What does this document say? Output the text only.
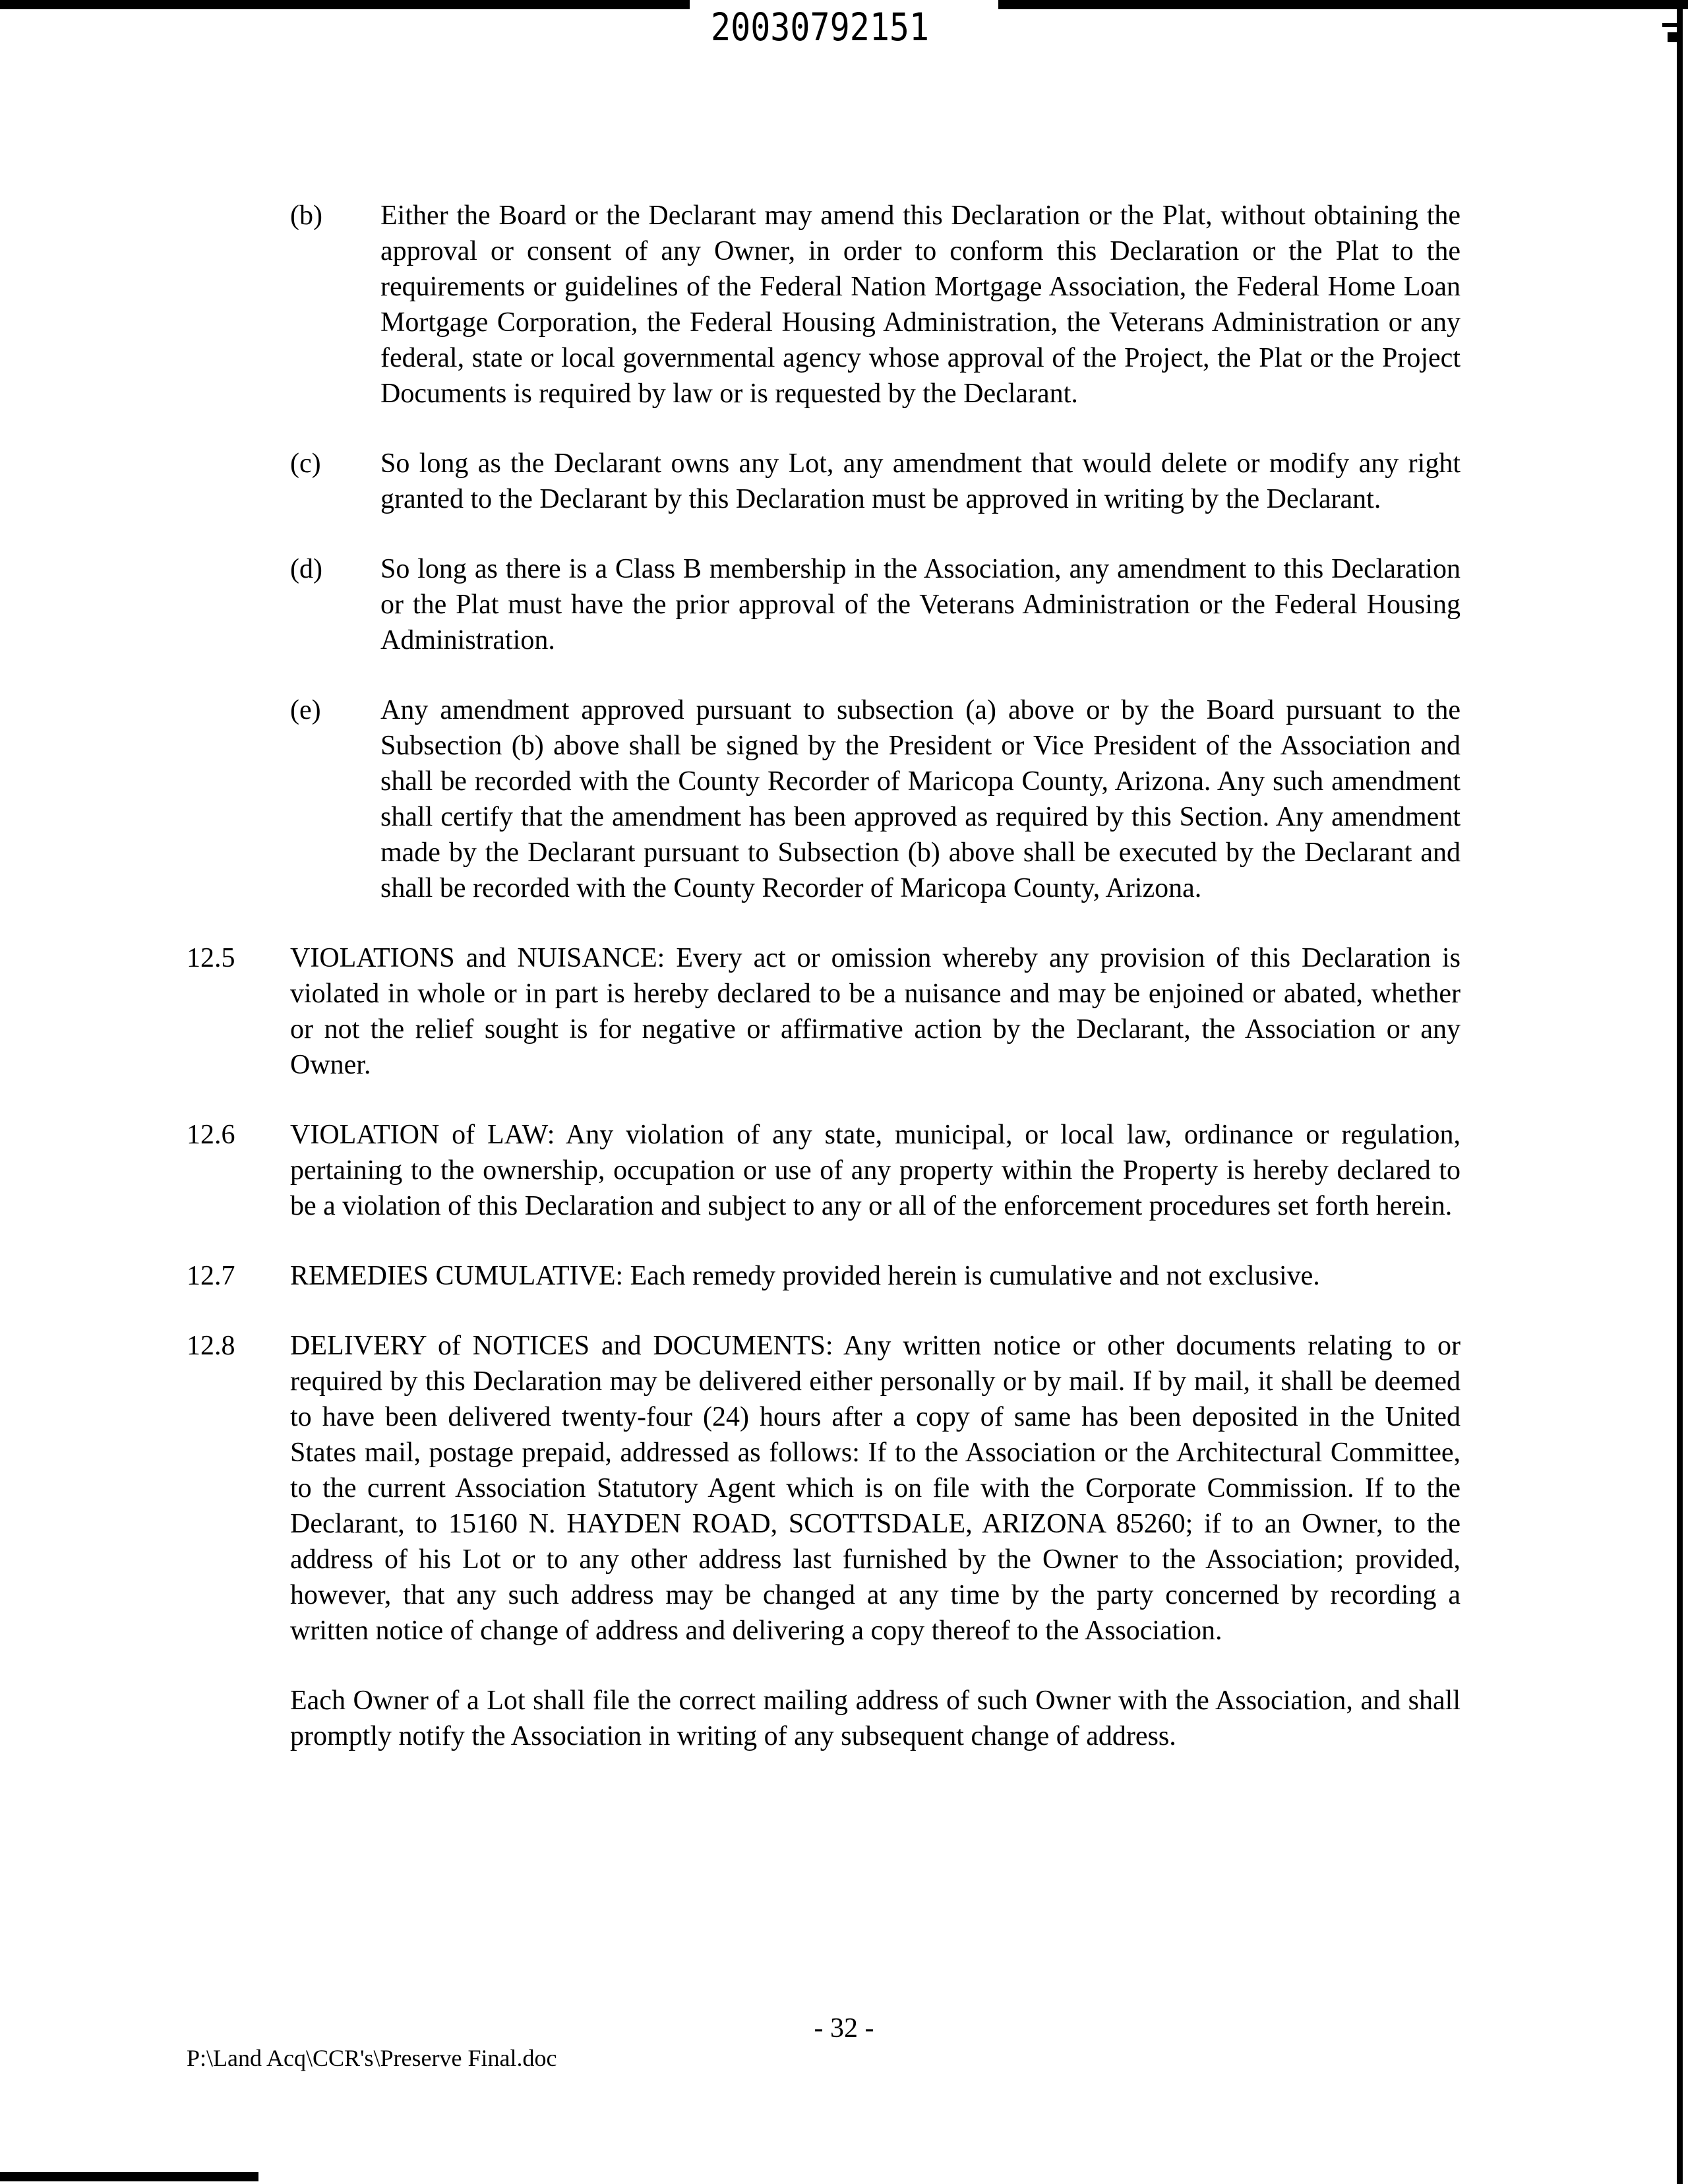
20030792151
(b)	Either the Board or the Declarant may amend this Declaration or the Plat, without obtaining the approval or consent of any Owner, in order to conform this Declaration or the Plat to the requirements or guidelines of the Federal Nation Mortgage Association, the Federal Home Loan Mortgage Corporation, the Federal Housing Administration, the Veterans Administration or any federal, state or local governmental agency whose approval of the Project, the Plat or the Project Documents is required by law or is requested by the Declarant.
(c)	So long as the Declarant owns any Lot, any amendment that would delete or modify any right granted to the Declarant by this Declaration must be approved in writing by the Declarant.
(d)	So long as there is a Class B membership in the Association, any amendment to this Declaration or the Plat must have the prior approval of the Veterans Administration or the Federal Housing Administration.
(e)	Any amendment approved pursuant to subsection (a) above or by the Board pursuant to the Subsection (b) above shall be signed by the President or Vice President of the Association and shall be recorded with the County Recorder of Maricopa County, Arizona. Any such amendment shall certify that the amendment has been approved as required by this Section. Any amendment made by the Declarant pursuant to Subsection (b) above shall be executed by the Declarant and shall be recorded with the County Recorder of Maricopa County, Arizona.
12.5	VIOLATIONS and NUISANCE: Every act or omission whereby any provision of this Declaration is violated in whole or in part is hereby declared to be a nuisance and may be enjoined or abated, whether or not the relief sought is for negative or affirmative action by the Declarant, the Association or any Owner.
12.6	VIOLATION of LAW: Any violation of any state, municipal, or local law, ordinance or regulation, pertaining to the ownership, occupation or use of any property within the Property is hereby declared to be a violation of this Declaration and subject to any or all of the enforcement procedures set forth herein.
12.7	REMEDIES CUMULATIVE: Each remedy provided herein is cumulative and not exclusive.
12.8	DELIVERY of NOTICES and DOCUMENTS: Any written notice or other documents relating to or required by this Declaration may be delivered either personally or by mail. If by mail, it shall be deemed to have been delivered twenty-four (24) hours after a copy of same has been deposited in the United States mail, postage prepaid, addressed as follows: If to the Association or the Architectural Committee, to the current Association Statutory Agent which is on file with the Corporate Commission. If to the Declarant, to 15160 N. HAYDEN ROAD, SCOTTSDALE, ARIZONA 85260; if to an Owner, to the address of his Lot or to any other address last furnished by the Owner to the Association; provided, however, that any such address may be changed at any time by the party concerned by recording a written notice of change of address and delivering a copy thereof to the Association.
Each Owner of a Lot shall file the correct mailing address of such Owner with the Association, and shall promptly notify the Association in writing of any subsequent change of address.
- 32 -
P:\Land Acq\CCR's\Preserve Final.doc
